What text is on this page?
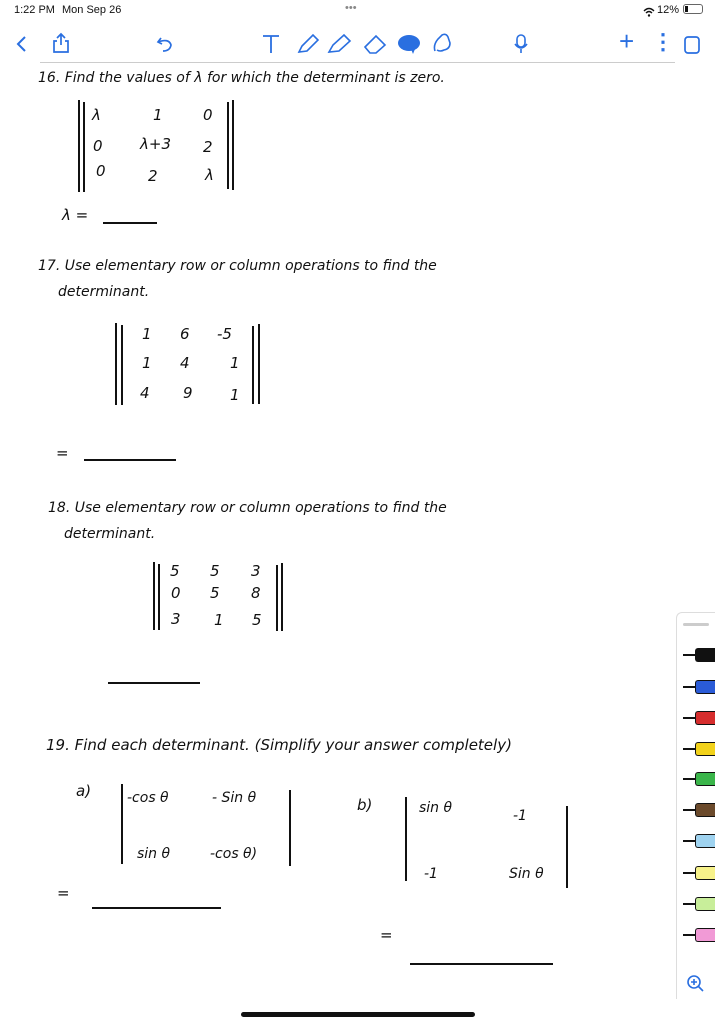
1:22 PM Mon Sep 26	•••	12%
+ ⋮
16. Find the values of λ for which the determinant is zero.
λ	1	0
0 λ+3 2
0	2	λ
λ =
17. Use elementary row or column operations to find the
determinant.
1 6 -5
1 4	1
4 9 1
=
18. Use elementary row or column operations to find the
determinant.
5 5 3
0 5 8
3 1 5
19. Find each determinant. (Simplify your answer completely)
a)	-cos θ	- Sin θ
sin θ	-cos θ)
b)	sin θ	-1
-1	Sin θ
=
=
